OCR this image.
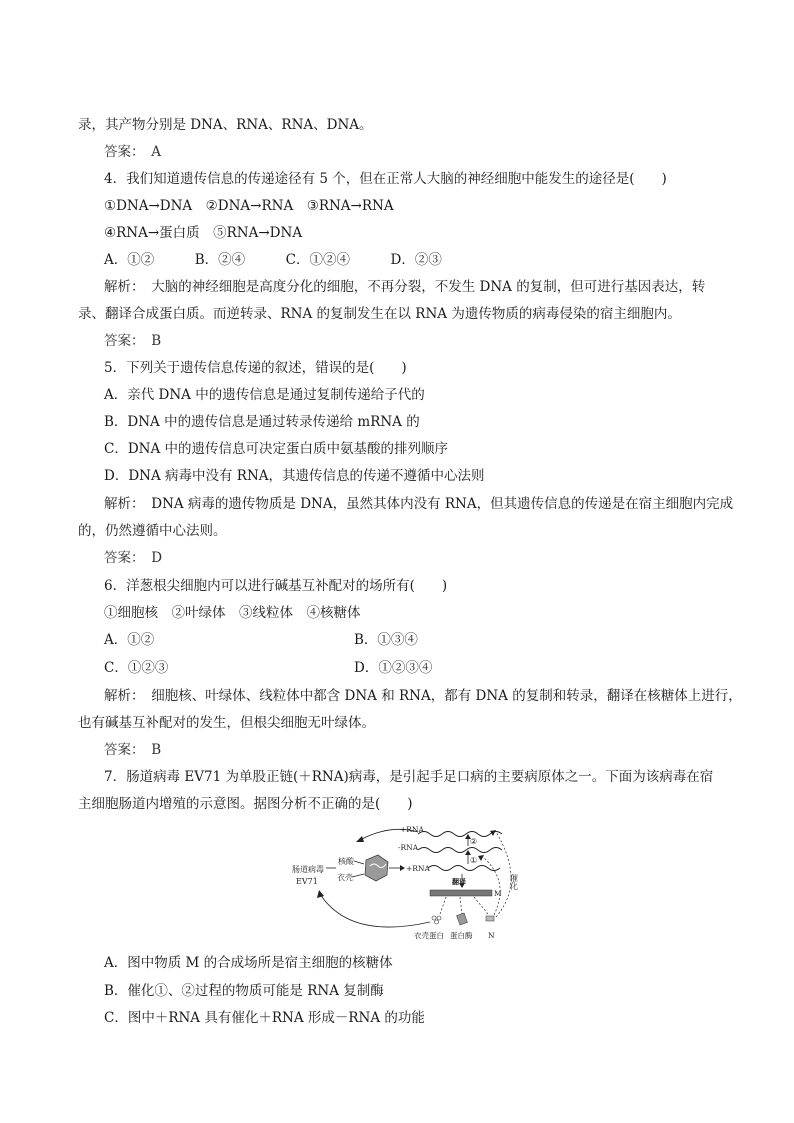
录，其产物分别是 DNA、RNA、RNA、DNA。
答案：　A
4．我们知道遗传信息的传递途径有 5 个，但在正常人大脑的神经细胞中能发生的途径是(　　)
①DNA→DNA　②DNA→RNA　③RNA→RNA
④RNA→蛋白质　⑤RNA→DNA
A．①②　　　B．②④　　　C．①②④　　　D．②③
解析：　大脑的神经细胞是高度分化的细胞，不再分裂，不发生 DNA 的复制，但可进行基因表达，转
录、翻译合成蛋白质。而逆转录、RNA 的复制发生在以 RNA 为遗传物质的病毒侵染的宿主细胞内。
答案：　B
5．下列关于遗传信息传递的叙述，错误的是(　　)
A．亲代 DNA 中的遗传信息是通过复制传递给子代的
B．DNA 中的遗传信息是通过转录传递给 mRNA 的
C．DNA 中的遗传信息可决定蛋白质中氨基酸的排列顺序
D．DNA 病毒中没有 RNA，其遗传信息的传递不遵循中心法则
解析：　DNA 病毒的遗传物质是 DNA，虽然其体内没有 RNA，但其遗传信息的传递是在宿主细胞内完成
的，仍然遵循中心法则。
答案：　D
6．洋葱根尖细胞内可以进行碱基互补配对的场所有(　　)
①细胞核　②叶绿体　③线粒体　④核糖体
A．①②	B．①③④
C．①②③	D．①②③④
解析：　细胞核、叶绿体、线粒体中都含 DNA 和 RNA，都有 DNA 的复制和转录，翻译在核糖体上进行，
也有碱基互补配对的发生，但根尖细胞无叶绿体。
答案：　B
7．肠道病毒 EV71 为单股正链(＋RNA)病毒，是引起手足口病的主要病原体之一。下面为该病毒在宿
主细胞肠道内增殖的示意图。据图分析不正确的是(　　)
肠道病毒
EV71
核酸
衣壳
+RNA
+RNA
-RNA
①
②
翻译
M
衣壳蛋白 蛋白酶 N
催化
A．图中物质 M 的合成场所是宿主细胞的核糖体
B．催化①、②过程的物质可能是 RNA 复制酶
C．图中＋RNA 具有催化＋RNA 形成－RNA 的功能
